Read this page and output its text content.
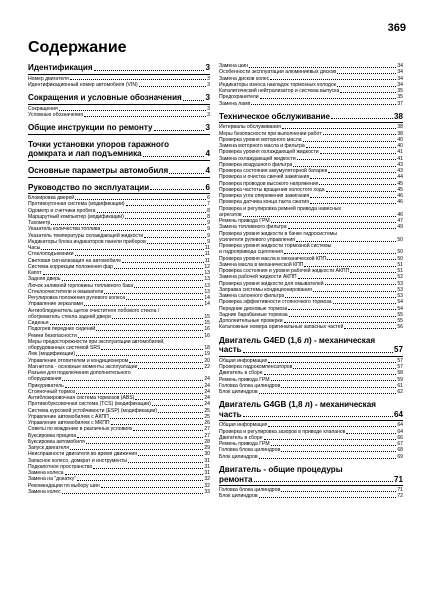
369
Содержание
Идентификация	3
Номер двигателя	3
Идентификационный номер автомобиля (VIN)	3
Сокращения и условные обозначения	3
Сокращения	3
Условные обозначения	3
Общие инструкции по ремонту	3
Точки установки упоров гаражного
домкрата и лап подъемника	4
Основные параметры автомобиля	4
Руководство по эксплуатации	6
Блокировка дверей	6
Противоугонная система (модификации)	7
Одометр и счетчики пробега	8
Маршрутный компьютер (модификации)	8
Тахометр	9
Указатель количества топлива	9
Указатель температуры охлаждающей жидкости	9
Индикаторы блока индикаторов панели приборов	9
Часы	11
Стеклоподъемники	11
Световая сигнализация на автомобиле	11
Система коррекции положения фар	12
Капот	13
Задняя дверь	13
Лючок заливной горловины топливного бака	13
Стеклоочистители и омыватели	13
Регулировка положения рулевого колеса	14
Управление зеркалами	14
Антиобледенитель щеток очистителя лобового стекла /
обогреватель стекла задней двери	15
Сиденья	15
Подогрев передних сидений	16
Ремни безопасности	16
Меры предосторожности при эксплуатации автомобилей,
оборудованных системой SRS	18
Люк (модификации)	19
Управление отопителем и кондиционером	20
Магнитола - основные моменты эксплуатации	22
Разъем для подключения дополнительного
оборудования	24
Прикуриватель	24
Стояночный тормоз	24
Антиблокировочная система тормозов (ABS)	24
Противобуксовочная система (TCS) (модификации)	24
Система курсовой устойчивости (ESP) (модификации)	25
Управление автомобилем с АКПП	25
Управление автомобилем с МКПП	26
Советы по вождению в различных условиях	27
Буксировка прицепа	27
Буксировка автомобиля	28
Запуск двигателя	29
Неисправности двигателя во время движения	30
Запасное колесо, домкрат и инструменты	31
Подкапотное пространство	31
Замена колеса	31
Замена на "докатку"	32
Рекомендации по выбору шин	32
Замена колес	33
Замена шин	34
Особенности эксплуатации алюминиевых дисков	34
Замена дисков колес	34
Индикаторы износа накладок тормозных колодок	34
Каталитический нейтрализатор и система выпуска	35
Предохранители	35
Замена ламп	37
Техническое обслуживание	38
Интервалы обслуживания	38
Меры безопасности при выполнении работ	38
Проверка уровня моторного масла	40
Замена моторного масла и фильтра	40
Проверка уровня охлаждающей жидкости	41
Замена охлаждающей жидкости	41
Проверка воздушного фильтра	43
Проверка состояния аккумуляторной батареи	43
Проверка и очистка свечей зажигания	44
Проверка проводов высокого напряжения	45
Проверка частоты вращения холостого хода	45
Проверка угла опережения зажигания	46
Проверка датчика конца такта сжатия	46
Проверка и регулировка ремней привода навесных
агрегатов	46
Ремень привода ГРМ	47
Замена топливного фильтра	49
Проверка уровня жидкости в бачке гидросистемы
усилителя рулевого управления	50
Проверка уровня жидкости тормозной системы
и гидропривода сцепления	50
Проверка уровня масла в механической КПП	50
Замена масла в механической КПП	51
Проверка состояния и уровня рабочей жидкости АКПП	51
Замена рабочей жидкости АКПП	52
Проверка уровня жидкости для омывателей	53
Заправка системы кондиционирования	53
Замена салонного фильтра	53
Проверка эффективности стояночного тормоза	54
Передние дисковые тормоза	54
Задние барабанные тормоза	55
Дополнительные проверки	55
Каталожные номера оригинальных запасных частей	56
Двигатель G4ED (1,6 л) - механическая
часть	57
Общая информация	57
Проверка гидрокомпенсаторов	57
Двигатель в сборе	58
Ремень привода ГРМ	59
Головка блока цилиндров	61
Блок цилиндров	62
Двигатель G4GB (1,8 л) - механическая
часть	64
Общая информация	64
Проверка и регулировка зазоров в приводе клапанов	64
Двигатель в сборе	66
Ремень привода ГРМ	67
Головка блока цилиндров	68
Блок цилиндров	69
Двигатель - общие процедуры
ремонта	71
Головка блока цилиндров	71
Блок цилиндров	72
